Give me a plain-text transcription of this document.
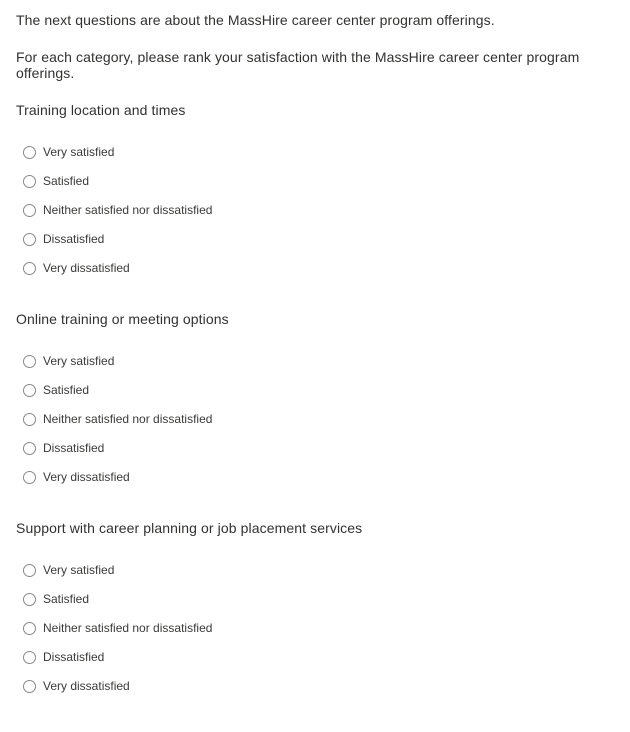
The next questions are about the MassHire career center program offerings.

For each category, please rank your satisfaction with the MassHire career center program offerings.

Training location and times

Very satisfied
Satisfied
Neither satisfied nor dissatisfied
Dissatisfied
Very dissatisfied

Online training or meeting options

Very satisfied
Satisfied
Neither satisfied nor dissatisfied
Dissatisfied
Very dissatisfied

Support with career planning or job placement services

Very satisfied
Satisfied
Neither satisfied nor dissatisfied
Dissatisfied
Very dissatisfied
